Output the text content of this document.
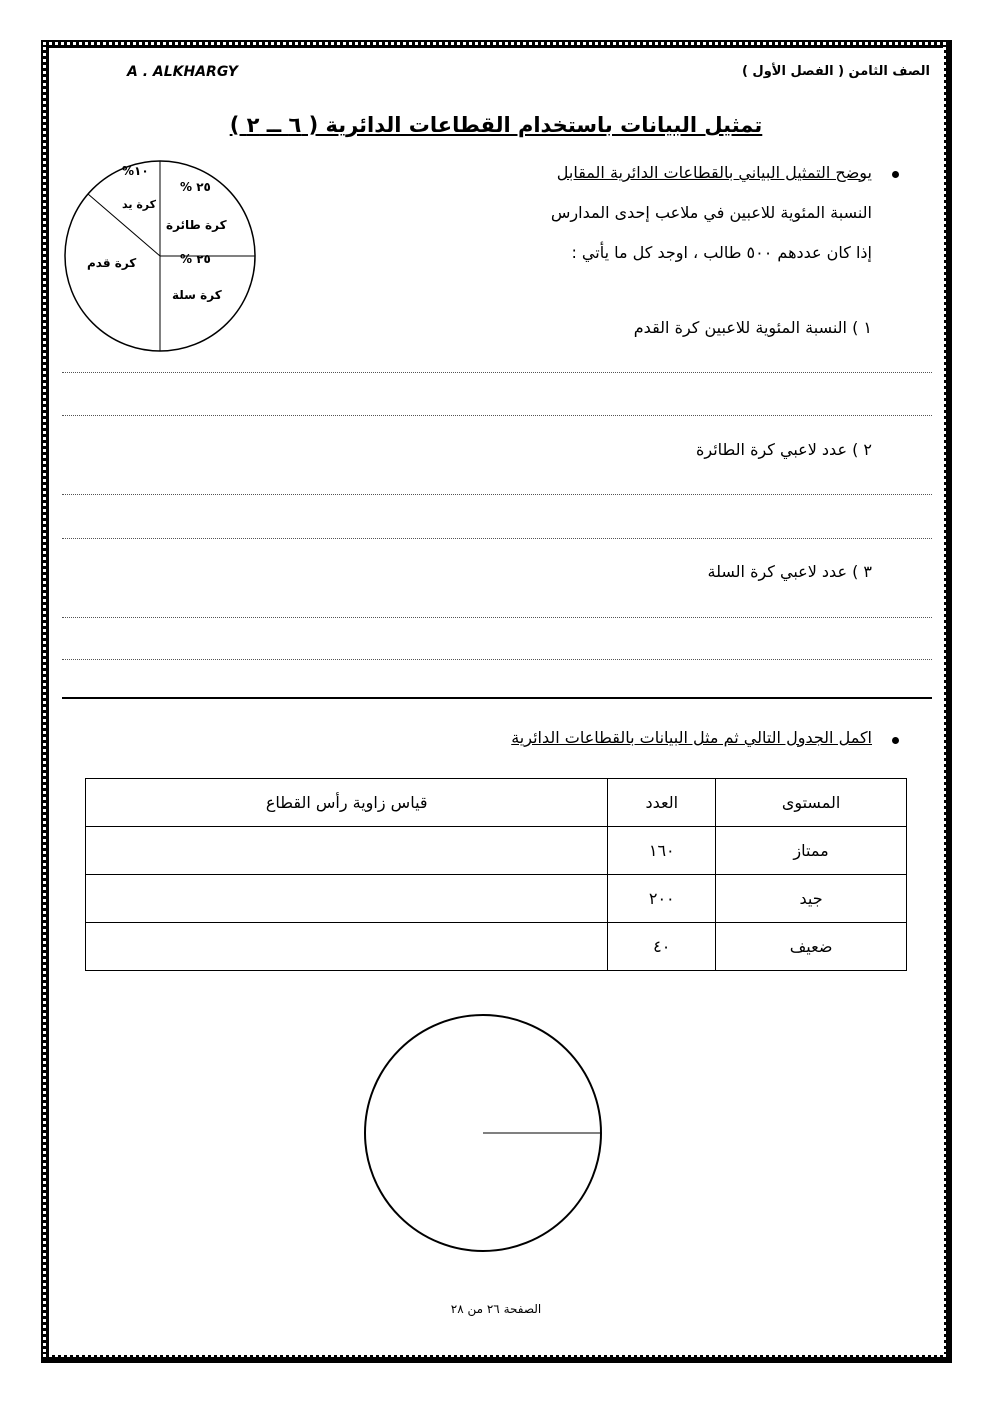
الصف الثامن ( الفصل الأول )
A . ALKHARGY
تمثيل البيانات باستخدام القطاعات الدائرية ( ٦ ــ ٢ )
يوضح التمثيل البياني بالقطاعات الدائرية المقابل
النسبة المئوية للاعبين في ملاعب إحدى المدارس
إذا كان عددهم ٥٠٠ طالب ، اوجد كل ما يأتي :
٢٥ %
كرة طائرة
٢٥ %
كرة سلة
كرة قدم
١٠%
كرة يد
١ ) النسبة المئوية للاعبين كرة القدم
٢ ) عدد لاعبي كرة الطائرة
٣ ) عدد لاعبي كرة السلة
اكمل الجدول التالي ثم مثل البيانات بالقطاعات الدائرية
المستوى	العدد	قياس زاوية رأس القطاع
ممتاز	١٦٠	
جيد	٢٠٠	
ضعيف	٤٠	
الصفحة ٢٦ من ٢٨
